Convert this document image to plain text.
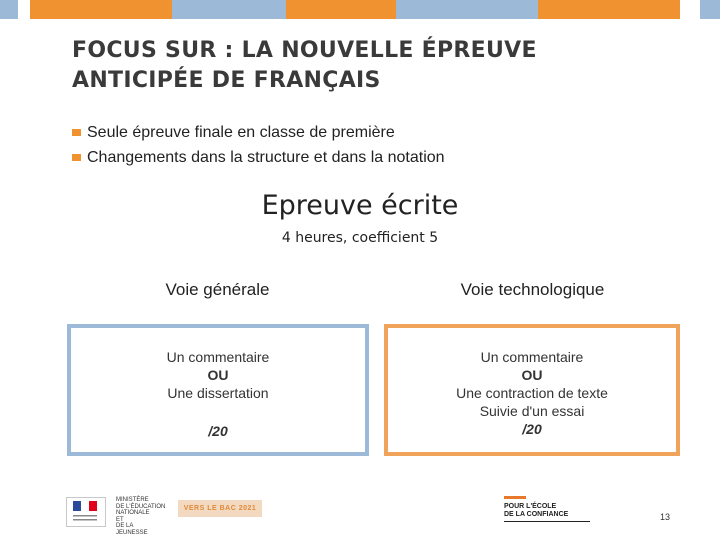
FOCUS SUR : LA NOUVELLE ÉPREUVE
ANTICIPÉE DE FRANÇAIS
Seule épreuve finale en classe de première
Changements dans la structure et dans la notation
Epreuve écrite
4 heures, coefficient 5
Voie générale	Voie technologique
Un commentaire
OU
Une dissertation
/20
Un commentaire
OU
Une contraction de texte
Suivie d'un essai
/20
MINISTÈRE
DE L'ÉDUCATION
NATIONALE
ET
DE LA JEUNESSE
VERS LE BAC 2021	POUR L'ÉCOLE
DE LA CONFIANCE	13
